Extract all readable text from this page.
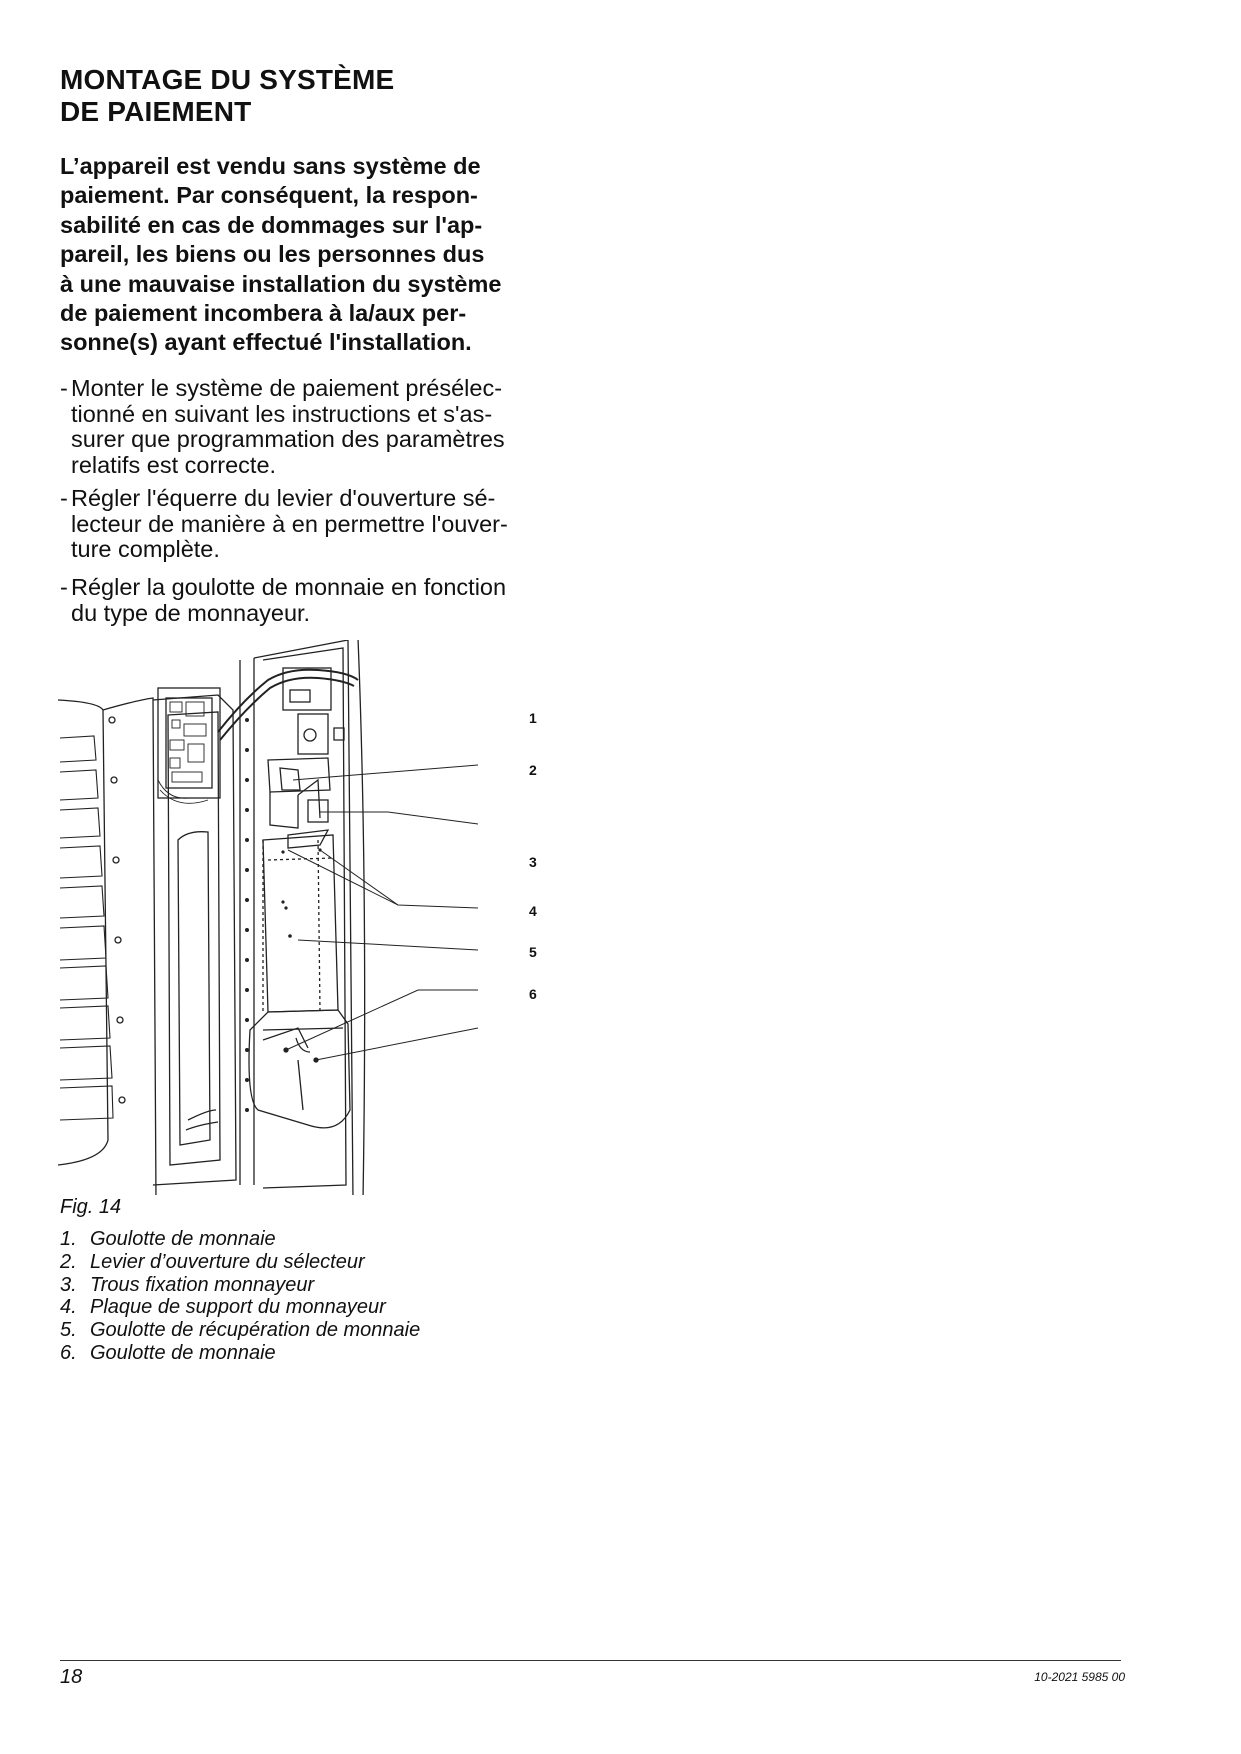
MONTAGE DU SYSTÈME
DE PAIEMENT
L’appareil est vendu sans système de
paiement. Par conséquent, la respon-
sabilité en cas de dommages sur l'ap-
pareil, les biens ou les personnes dus
à une mauvaise installation du système
de paiement incombera à la/aux per-
sonne(s) ayant effectué l'installation.
- Monter le système de paiement présélec-
tionné en suivant les instructions et s'as-
surer que programmation des paramètres
relatifs est correcte.
- Régler l'équerre du levier d'ouverture sé-
lecteur de manière à en permettre l'ouver-
ture complète.
- Régler la goulotte de monnaie en fonction
du type de monnayeur.
1
2
3
4
5
6
Fig. 14
1. Goulotte de monnaie
2. Levier d’ouverture du sélecteur
3. Trous fixation monnayeur
4. Plaque de support du monnayeur
5. Goulotte de récupération de monnaie
6. Goulotte de monnaie
18	10-2021 5985 00
